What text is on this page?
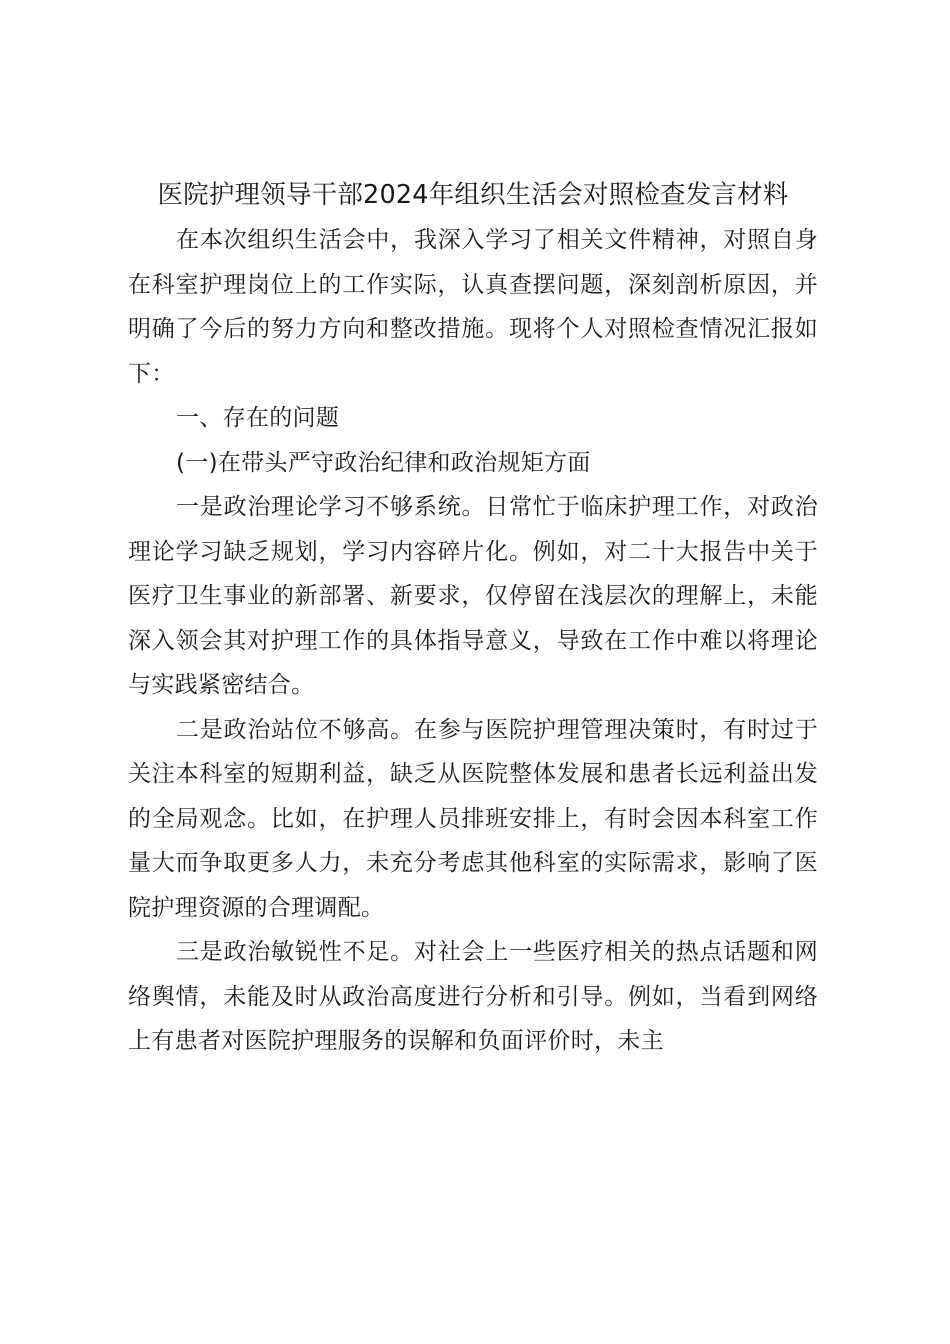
医院护理领导干部2024年组织生活会对照检查发言材料

在本次组织生活会中，我深入学习了相关文件精神，对照自身在科室护理岗位上的工作实际，认真查摆问题，深刻剖析原因，并明确了今后的努力方向和整改措施。现将个人对照检查情况汇报如下：

一、存在的问题

(一)在带头严守政治纪律和政治规矩方面

一是政治理论学习不够系统。日常忙于临床护理工作，对政治理论学习缺乏规划，学习内容碎片化。例如，对二十大报告中关于医疗卫生事业的新部署、新要求，仅停留在浅层次的理解上，未能深入领会其对护理工作的具体指导意义，导致在工作中难以将理论与实践紧密结合。

二是政治站位不够高。在参与医院护理管理决策时，有时过于关注本科室的短期利益，缺乏从医院整体发展和患者长远利益出发的全局观念。比如，在护理人员排班安排上，有时会因本科室工作量大而争取更多人力，未充分考虑其他科室的实际需求，影响了医院护理资源的合理调配。

三是政治敏锐性不足。对社会上一些医疗相关的热点话题和网络舆情，未能及时从政治高度进行分析和引导。例如，当看到网络上有患者对医院护理服务的误解和负面评价时，未主
